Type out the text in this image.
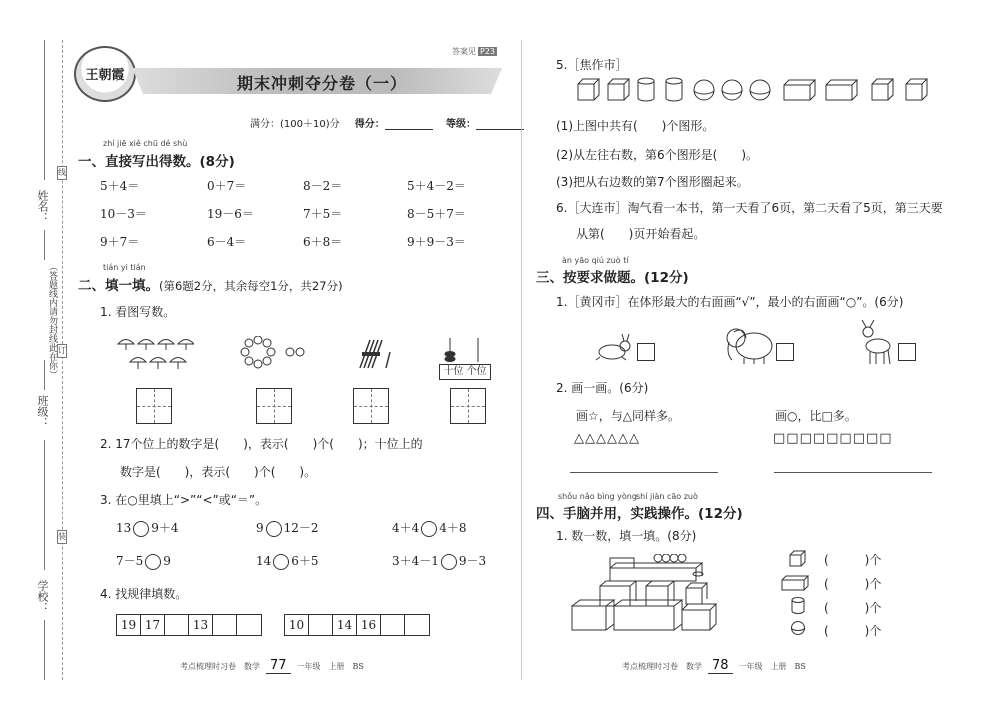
姓名：
（答题线内请勿封线此在你）
班级：
学校：
线
订
装
王朝霞	期末冲刺夺分卷（一）
答案见 P23
满分：(100＋10)分 得分：	等级：
zhí jiē xiě chū dé shù
一、直接写出得数。(8分)
5＋4＝	0＋7＝	8－2＝	5＋4－2＝
10－3＝	19－6＝	7＋5＝	8－5＋7＝
9＋7＝	6－4＝	6＋8＝	9＋9－3＝
tián yi tián
二、填一填。(第6题2分，其余每空1分，共27分)
1. 看图写数。
十位 个位
2. 17个位上的数字是(　　)，表示(　　)个(　　)；十位上的
数字是(　　)，表示(　　)个(　　)。
3. 在○里填上“>”“<”或“＝”。
13 9＋4	9 12－2	4＋4 4＋8
7－5 9	14 6＋5	3＋4－1 9－3
4. 找规律填数。
19 17	13	10	14 16
考点梳理时习卷　数学 77 一年级　上册　BS
5.［焦作市］
(1)上图中共有(　　)个图形。
(2)从左往右数，第6个图形是(　　)。
(3)把从右边数的第7个图形圈起来。
6.［大连市］淘气看一本书，第一天看了6页，第二天看了5页，第三天要
从第(　　)页开始看起。
àn yāo qiú zuò tí
三、按要求做题。(12分)
1.［黄冈市］在体形最大的右面画“√”，最小的右面画“○”。(6分)
2. 画一画。(6分)
画☆，与△同样多。	画○，比□多。
△△△△△△	□□□□□□□□□
shǒu nǎo bìng yòng shí jiàn cāo zuò
四、手脑并用，实践操作。(12分)
1. 数一数，填一填。(8分)
(　　　)个
(　　　)个
(　　　)个
(　　　)个
考点梳理时习卷　数学 78 一年级　上册　BS
